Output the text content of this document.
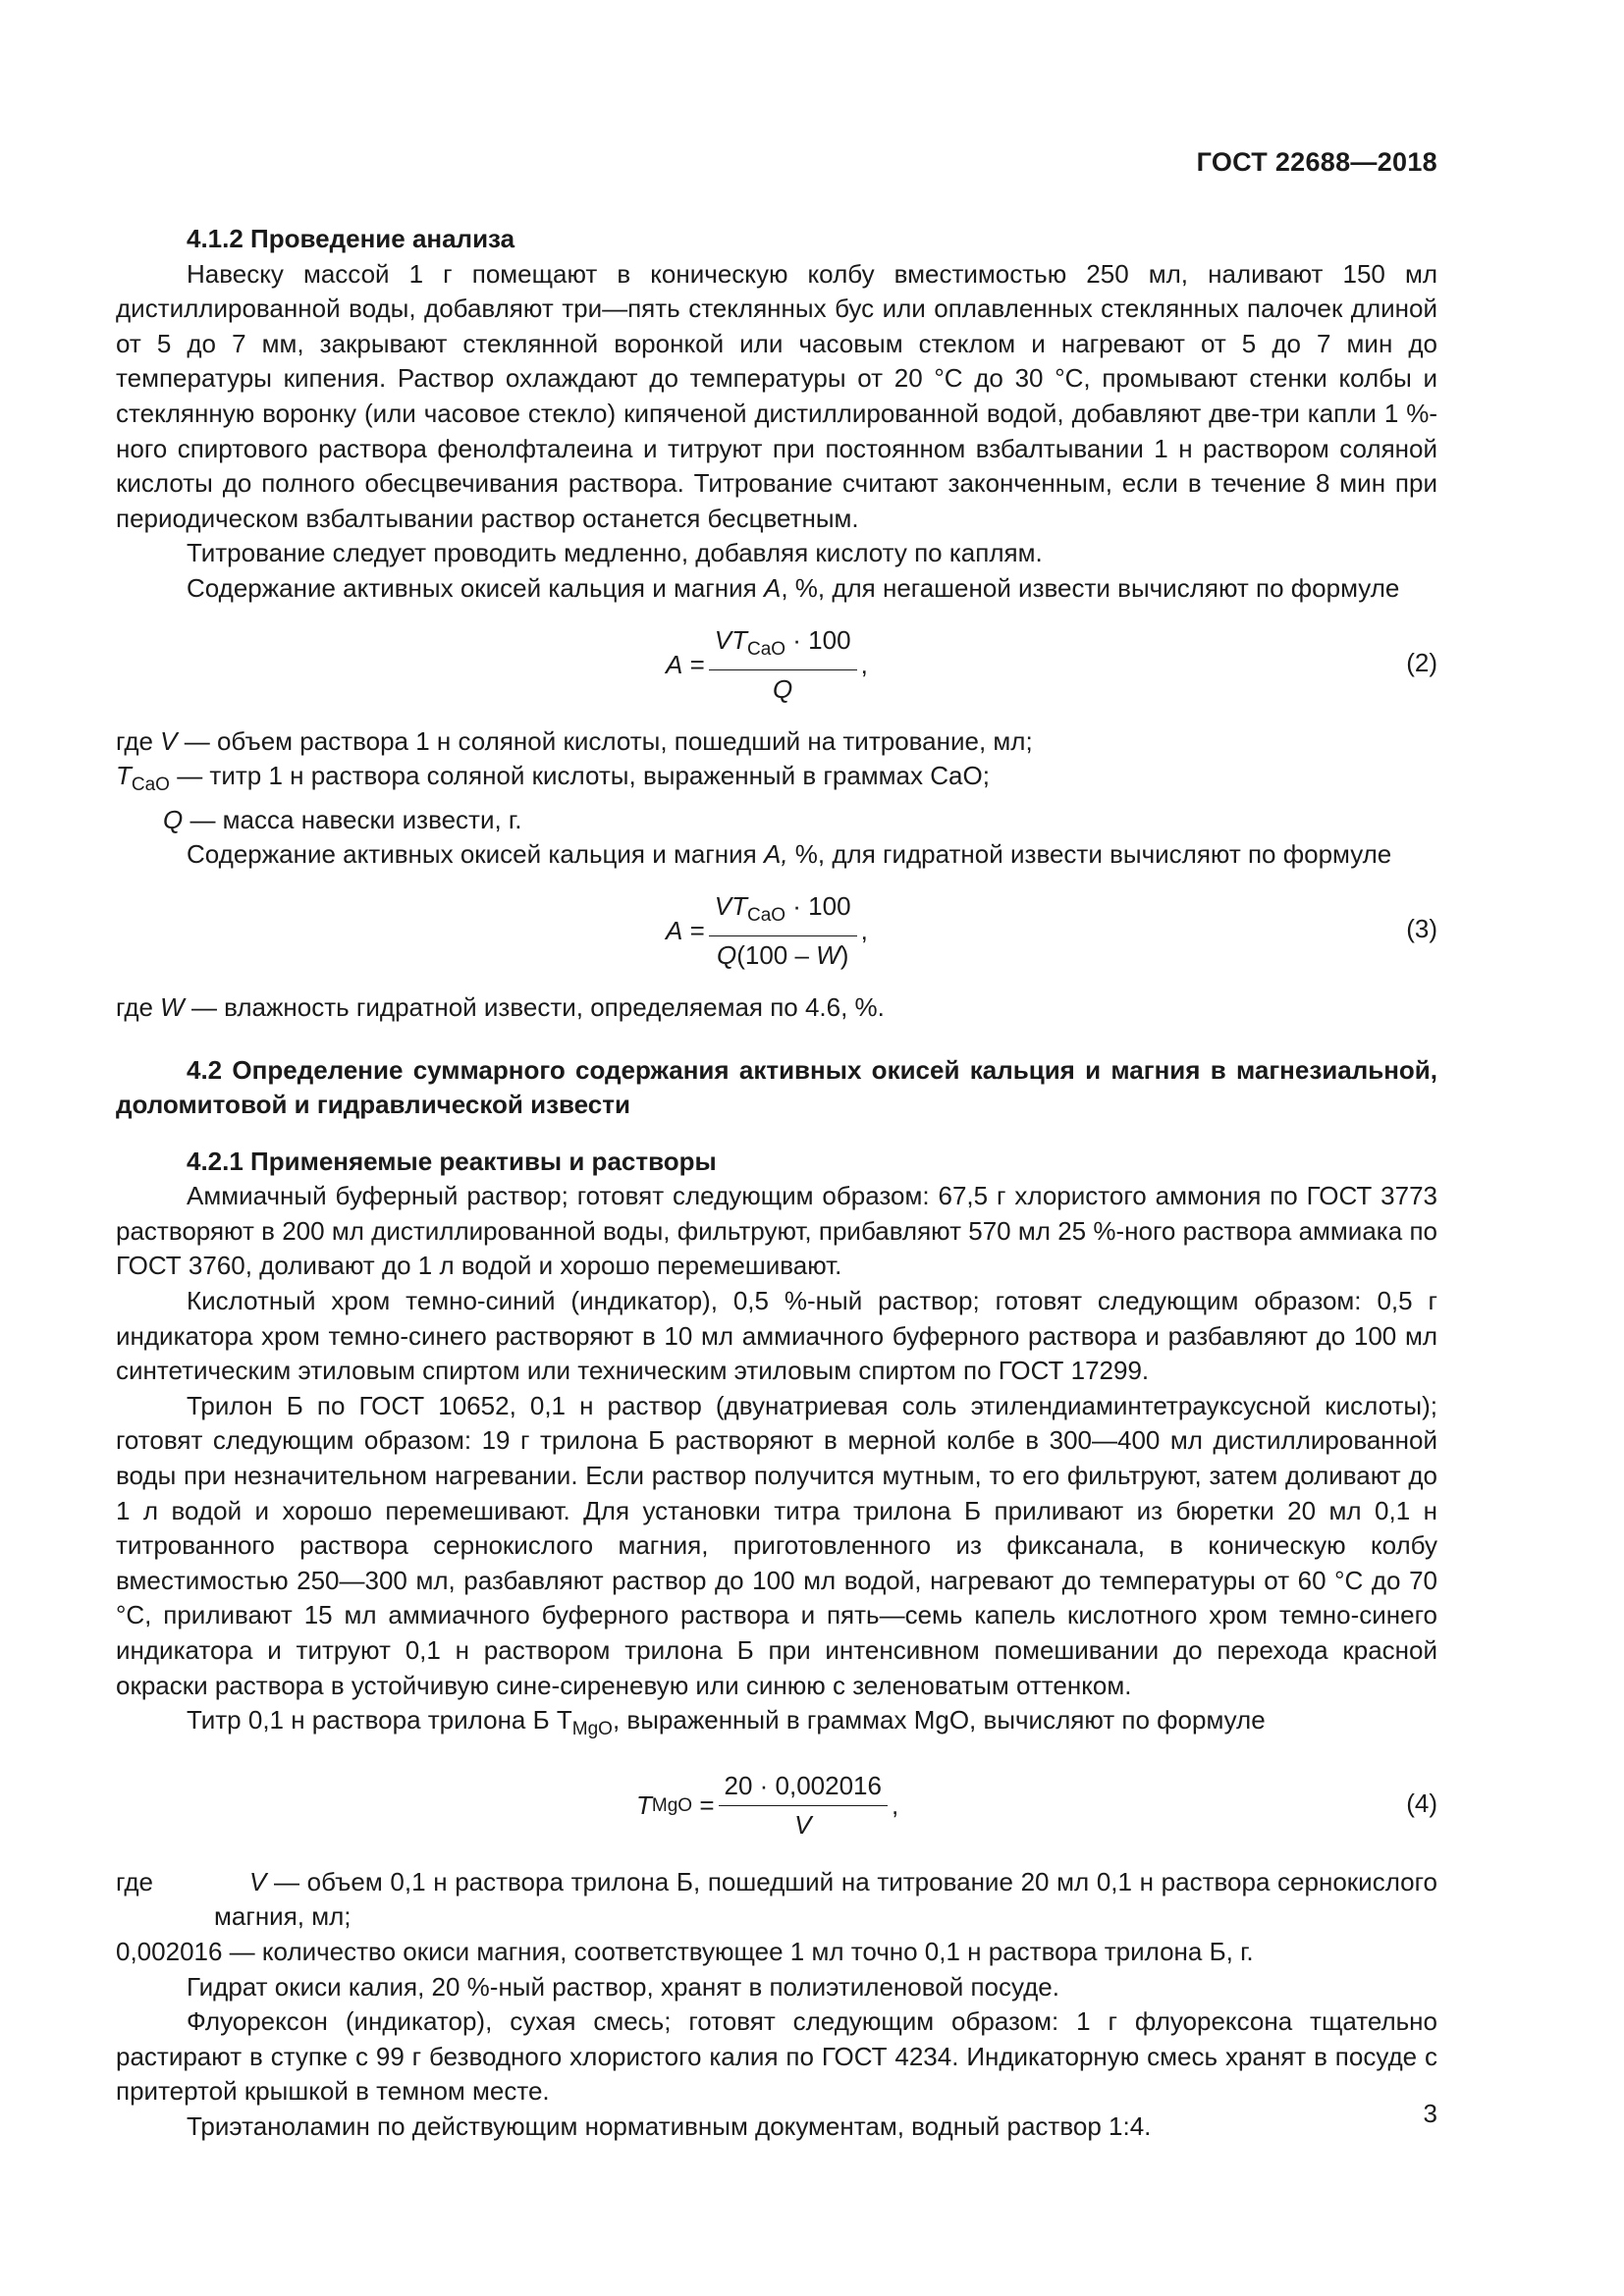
ГОСТ 22688—2018

4.1.2 Проведение анализа

Навеску массой 1 г помещают в коническую колбу вместимостью 250 мл, наливают 150 мл дистиллированной воды, добавляют три—пять стеклянных бус или оплавленных стеклянных палочек длиной от 5 до 7 мм, закрывают стеклянной воронкой или часовым стеклом и нагревают от 5 до 7 мин до температуры кипения. Раствор охлаждают до температуры от 20 °С до 30 °С, промывают стенки колбы и стеклянную воронку (или часовое стекло) кипяченой дистиллированной водой, добавляют две-три капли 1 %-ного спиртового раствора фенолфталеина и титруют при постоянном взбалтывании 1 н раствором соляной кислоты до полного обесцвечивания раствора. Титрование считают законченным, если в течение 8 мин при периодическом взбалтывании раствор останется бесцветным.

Титрование следует проводить медленно, добавляя кислоту по каплям.

Содержание активных окисей кальция и магния А, %, для негашеной извести вычисляют по формуле

A
= $\frac{VT_{CaO} \cdot 100}{Q}$ ,	(2)

где V — объем раствора 1 н соляной кислоты, пошедший на титрование, мл;

$T_{CaO}$ — титр 1 н раствора соляной кислоты, выраженный в граммах CaO;

Q — масса навески извести, г.

Содержание активных окисей кальция и магния А, %, для гидратной извести вычисляют по формуле

A
= $\frac{VT_{CaO} \cdot 100}{Q(100 - W)}$ ,	(3)

где W — влажность гидратной извести, определяемая по 4.6, %.

4.2 Определение суммарного содержания активных окисей кальция и магния в магнезиальной, доломитовой и гидравлической извести

4.2.1 Применяемые реактивы и растворы

Аммиачный буферный раствор; готовят следующим образом: 67,5 г хлористого аммония по ГОСТ 3773 растворяют в 200 мл дистиллированной воды, фильтруют, прибавляют 570 мл 25 %-ного раствора аммиака по ГОСТ 3760, доливают до 1 л водой и хорошо перемешивают.

Кислотный хром темно-синий (индикатор), 0,5 %-ный раствор; готовят следующим образом: 0,5 г индикатора хром темно-синего растворяют в 10 мл аммиачного буферного раствора и разбавляют до 100 мл синтетическим этиловым спиртом или техническим этиловым спиртом по ГОСТ 17299.

Трилон Б по ГОСТ 10652, 0,1 н раствор (двунатриевая соль этилендиаминтетрауксусной кислоты); готовят следующим образом: 19 г трилона Б растворяют в мерной колбе в 300—400 мл дистиллированной воды при незначительном нагревании. Если раствор получится мутным, то его фильтруют, затем доливают до 1 л водой и хорошо перемешивают. Для установки титра трилона Б приливают из бюретки 20 мл 0,1 н титрованного раствора сернокислого магния, приготовленного из фиксанала, в коническую колбу вместимостью 250—300 мл, разбавляют раствор до 100 мл водой, нагревают до температуры от 60 °С до 70 °С, приливают 15 мл аммиачного буферного раствора и пять—семь капель кислотного хром темно-синего индикатора и титруют 0,1 н раствором трилона Б при интенсивном помешивании до перехода красной окраски раствора в устойчивую сине-сиреневую или синюю с зеленоватым оттенком.

Титр 0,1 н раствора трилона Б $Т_{MgO}$, выраженный в граммах MgO, вычисляют по формуле

T MgO
= $\frac{20 \cdot 0,002016}{V}$ ,	(4)
где	V — объем 0,1 н раствора трилона Б, пошедший на титрование 20 мл 0,1 н раствора сернокислого магния, мл;

0,002016 — количество окиси магния, соответствующее 1 мл точно 0,1 н раствора трилона Б, г.

Гидрат окиси калия, 20 %-ный раствор, хранят в полиэтиленовой посуде.

Флуорексон (индикатор), сухая смесь; готовят следующим образом: 1 г флуорексона тщательно растирают в ступке с 99 г безводного хлористого калия по ГОСТ 4234. Индикаторную смесь хранят в посуде с притертой крышкой в темном месте.

Триэтаноламин по действующим нормативным документам, водный раствор 1:4.	3
